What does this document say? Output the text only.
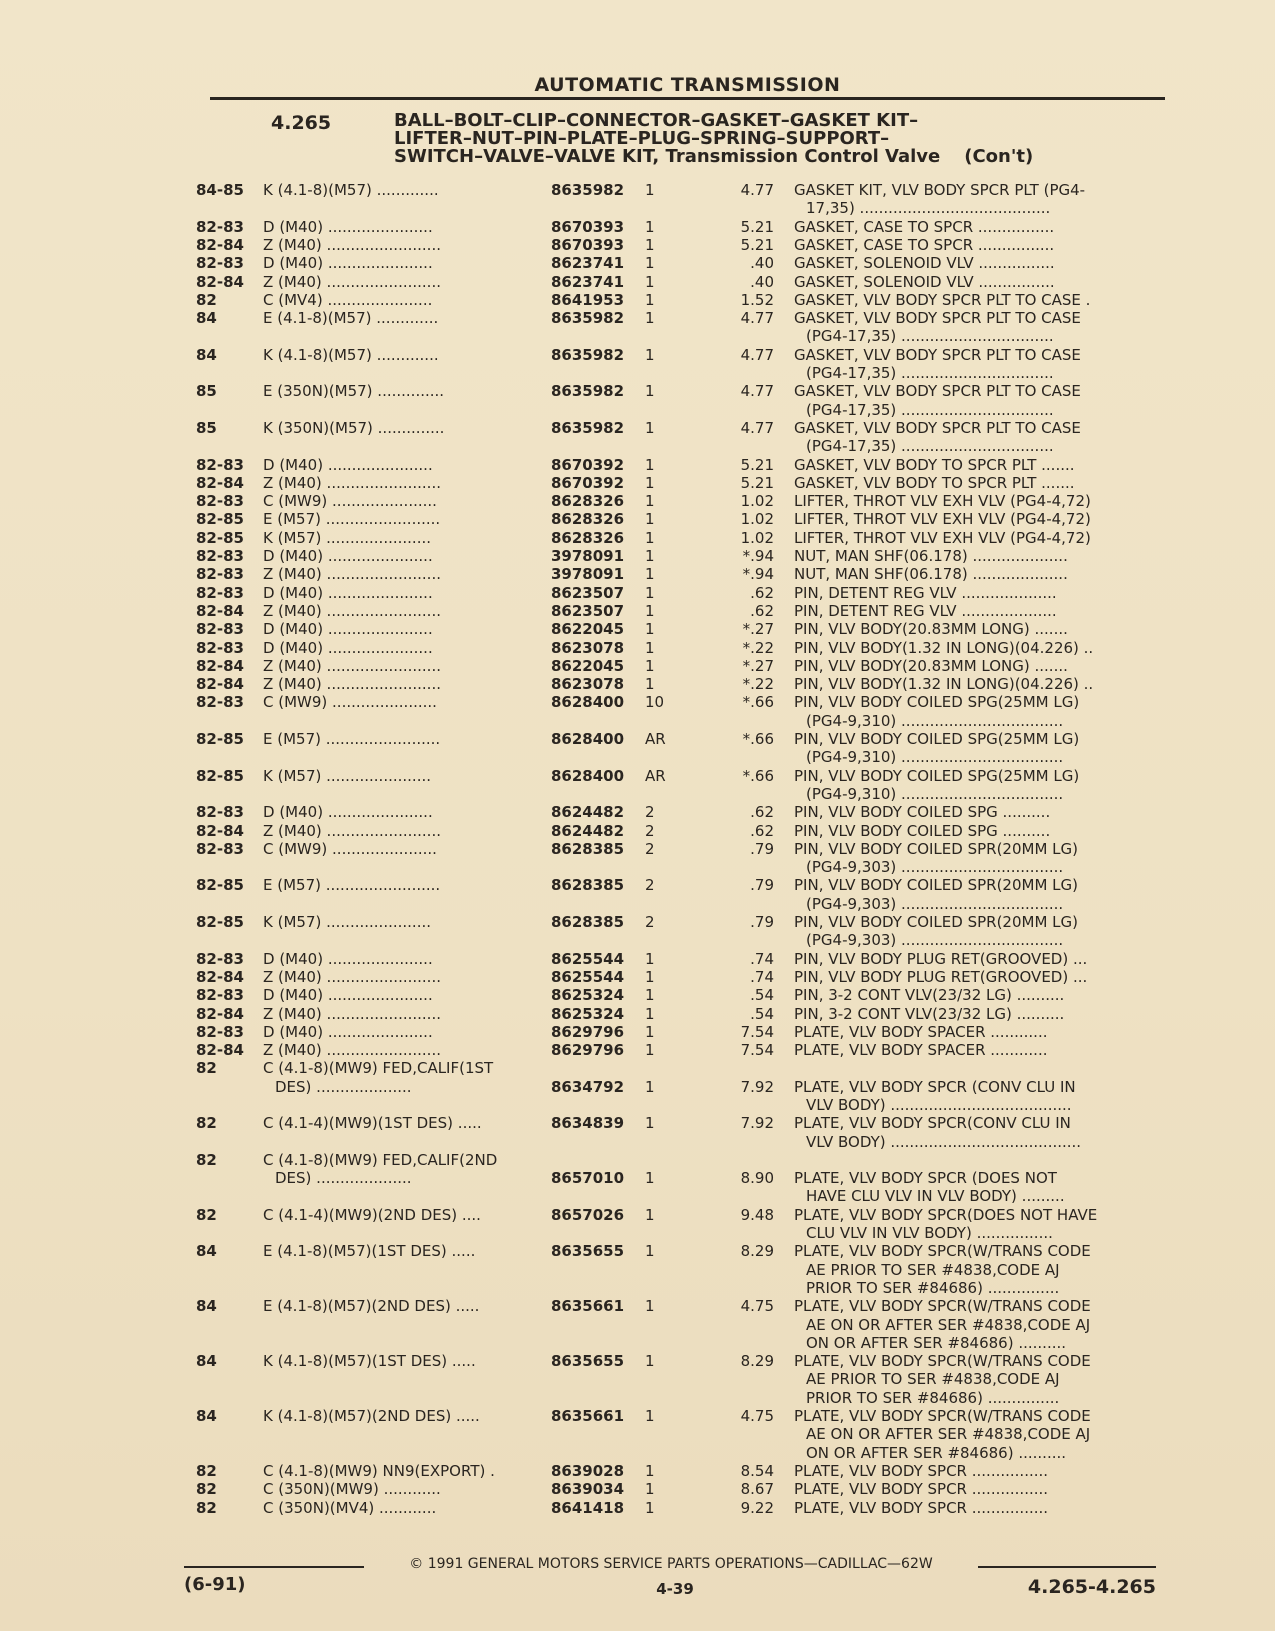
AUTOMATIC TRANSMISSION
4.265	BALL–BOLT–CLIP–CONNECTOR–GASKET–GASKET KIT–
LIFTER–NUT–PIN–PLATE–PLUG–SPRING–SUPPORT–
SWITCH–VALVE–VALVE KIT, Transmission Control Valve (Con't)
84-85	K (4.1-8)(M57) .............	8635982	1	4.77 GASKET KIT, VLV BODY SPCR PLT (PG4-
17,35) ........................................
82-83	D (M40) ......................	8670393	1	5.21 GASKET, CASE TO SPCR ................
82-84	Z (M40) ........................	8670393	1	5.21 GASKET, CASE TO SPCR ................
82-83	D (M40) ......................	8623741	1	.40 GASKET, SOLENOID VLV ................
82-84	Z (M40) ........................	8623741	1	.40 GASKET, SOLENOID VLV ................
82	C (MV4) ......................	8641953	1	1.52 GASKET, VLV BODY SPCR PLT TO CASE .
84	E (4.1-8)(M57) .............	8635982	1	4.77 GASKET, VLV BODY SPCR PLT TO CASE
(PG4-17,35) ................................
84	K (4.1-8)(M57) .............	8635982	1	4.77 GASKET, VLV BODY SPCR PLT TO CASE
(PG4-17,35) ................................
85	E (350N)(M57) ..............	8635982	1	4.77 GASKET, VLV BODY SPCR PLT TO CASE
(PG4-17,35) ................................
85	K (350N)(M57) ..............	8635982	1	4.77 GASKET, VLV BODY SPCR PLT TO CASE
(PG4-17,35) ................................
82-83	D (M40) ......................	8670392	1	5.21 GASKET, VLV BODY TO SPCR PLT .......
82-84	Z (M40) ........................	8670392	1	5.21 GASKET, VLV BODY TO SPCR PLT .......
82-83	C (MW9) ......................	8628326	1	1.02 LIFTER, THROT VLV EXH VLV (PG4-4,72)
82-85	E (M57) ........................	8628326	1	1.02 LIFTER, THROT VLV EXH VLV (PG4-4,72)
82-85	K (M57) ......................	8628326	1	1.02 LIFTER, THROT VLV EXH VLV (PG4-4,72)
82-83	D (M40) ......................	3978091	1	*.94 NUT, MAN SHF(06.178) ....................
82-83	Z (M40) ........................	3978091	1	*.94 NUT, MAN SHF(06.178) ....................
82-83	D (M40) ......................	8623507	1	.62 PIN, DETENT REG VLV ....................
82-84	Z (M40) ........................	8623507	1	.62 PIN, DETENT REG VLV ....................
82-83	D (M40) ......................	8622045	1	*.27 PIN, VLV BODY(20.83MM LONG) .......
82-83	D (M40) ......................	8623078	1	*.22 PIN, VLV BODY(1.32 IN LONG)(04.226) ..
82-84	Z (M40) ........................	8622045	1	*.27 PIN, VLV BODY(20.83MM LONG) .......
82-84	Z (M40) ........................	8623078	1	*.22 PIN, VLV BODY(1.32 IN LONG)(04.226) ..
82-83	C (MW9) ......................	8628400	10	*.66 PIN, VLV BODY COILED SPG(25MM LG)
(PG4-9,310) ..................................
82-85	E (M57) ........................	8628400	AR	*.66 PIN, VLV BODY COILED SPG(25MM LG)
(PG4-9,310) ..................................
82-85	K (M57) ......................	8628400	AR	*.66 PIN, VLV BODY COILED SPG(25MM LG)
(PG4-9,310) ..................................
82-83	D (M40) ......................	8624482	2	.62 PIN, VLV BODY COILED SPG ..........
82-84	Z (M40) ........................	8624482	2	.62 PIN, VLV BODY COILED SPG ..........
82-83	C (MW9) ......................	8628385	2	.79 PIN, VLV BODY COILED SPR(20MM LG)
(PG4-9,303) ..................................
82-85	E (M57) ........................	8628385	2	.79 PIN, VLV BODY COILED SPR(20MM LG)
(PG4-9,303) ..................................
82-85	K (M57) ......................	8628385	2	.79 PIN, VLV BODY COILED SPR(20MM LG)
(PG4-9,303) ..................................
82-83	D (M40) ......................	8625544	1	.74 PIN, VLV BODY PLUG RET(GROOVED) ...
82-84	Z (M40) ........................	8625544	1	.74 PIN, VLV BODY PLUG RET(GROOVED) ...
82-83	D (M40) ......................	8625324	1	.54 PIN, 3-2 CONT VLV(23/32 LG) ..........
82-84	Z (M40) ........................	8625324	1	.54 PIN, 3-2 CONT VLV(23/32 LG) ..........
82-83	D (M40) ......................	8629796	1	7.54 PLATE, VLV BODY SPACER ............
82-84	Z (M40) ........................	8629796	1	7.54 PLATE, VLV BODY SPACER ............
82	C (4.1-8)(MW9) FED,CALIF(1ST
DES) ....................	8634792	1	7.92 PLATE, VLV BODY SPCR (CONV CLU IN
VLV BODY) ......................................
82	C (4.1-4)(MW9)(1ST DES) .....	8634839	1	7.92 PLATE, VLV BODY SPCR(CONV CLU IN
VLV BODY) ........................................
82	C (4.1-8)(MW9) FED,CALIF(2ND
DES) ....................	8657010	1	8.90 PLATE, VLV BODY SPCR (DOES NOT
HAVE CLU VLV IN VLV BODY) .........
82	C (4.1-4)(MW9)(2ND DES) ....	8657026	1	9.48 PLATE, VLV BODY SPCR(DOES NOT HAVE
CLU VLV IN VLV BODY) ................
84	E (4.1-8)(M57)(1ST DES) .....	8635655	1	8.29 PLATE, VLV BODY SPCR(W/TRANS CODE
AE PRIOR TO SER #4838,CODE AJ
PRIOR TO SER #84686) ...............
84	E (4.1-8)(M57)(2ND DES) .....	8635661	1	4.75 PLATE, VLV BODY SPCR(W/TRANS CODE
AE ON OR AFTER SER #4838,CODE AJ
ON OR AFTER SER #84686) ..........
84	K (4.1-8)(M57)(1ST DES) .....	8635655	1	8.29 PLATE, VLV BODY SPCR(W/TRANS CODE
AE PRIOR TO SER #4838,CODE AJ
PRIOR TO SER #84686) ...............
84	K (4.1-8)(M57)(2ND DES) .....	8635661	1	4.75 PLATE, VLV BODY SPCR(W/TRANS CODE
AE ON OR AFTER SER #4838,CODE AJ
ON OR AFTER SER #84686) ..........
82	C (4.1-8)(MW9) NN9(EXPORT) .	8639028	1	8.54 PLATE, VLV BODY SPCR ................
82	C (350N)(MW9) ............	8639034	1	8.67 PLATE, VLV BODY SPCR ................
82	C (350N)(MV4) ............	8641418	1	9.22 PLATE, VLV BODY SPCR ................
© 1991 GENERAL MOTORS SERVICE PARTS OPERATIONS—CADILLAC—62W
(6-91)	4-39	4.265-4.265
